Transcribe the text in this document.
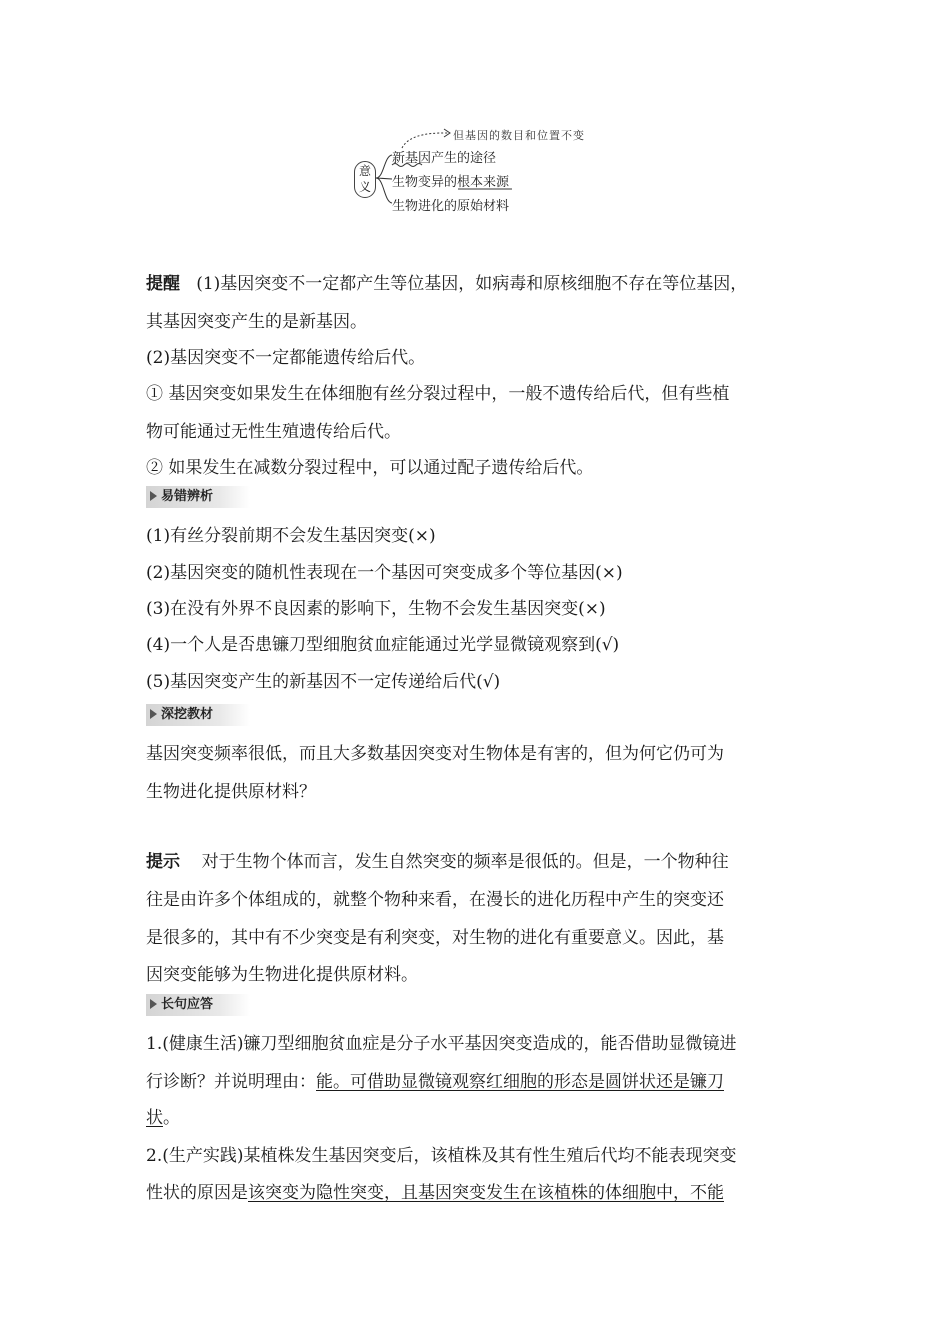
意义
但基因的数目和位置不变
新基因产生的途径
生物变异的根本来源
生物进化的原始材料
提醒 (1)基因突变不一定都产生等位基因，如病毒和原核细胞不存在等位基因，
其基因突变产生的是新基因。
(2)基因突变不一定都能遗传给后代。
① 基因突变如果发生在体细胞有丝分裂过程中，一般不遗传给后代，但有些植
物可能通过无性生殖遗传给后代。
② 如果发生在减数分裂过程中，可以通过配子遗传给后代。
易错辨析
(1)有丝分裂前期不会发生基因突变(×)
(2)基因突变的随机性表现在一个基因可突变成多个等位基因(×)
(3)在没有外界不良因素的影响下，生物不会发生基因突变(×)
(4)一个人是否患镰刀型细胞贫血症能通过光学显微镜观察到(√)
(5)基因突变产生的新基因不一定传递给后代(√)
深挖教材
基因突变频率很低，而且大多数基因突变对生物体是有害的，但为何它仍可为
生物进化提供原材料？
提示 对于生物个体而言，发生自然突变的频率是很低的。但是，一个物种往
往是由许多个体组成的，就整个物种来看，在漫长的进化历程中产生的突变还
是很多的，其中有不少突变是有利突变，对生物的进化有重要意义。因此，基
因突变能够为生物进化提供原材料。
长句应答
1.(健康生活)镰刀型细胞贫血症是分子水平基因突变造成的，能否借助显微镜进
行诊断？并说明理由：能。可借助显微镜观察红细胞的形态是圆饼状还是镰刀
状。
2.(生产实践)某植株发生基因突变后，该植株及其有性生殖后代均不能表现突变
性状的原因是该突变为隐性突变，且基因突变发生在该植株的体细胞中，不能
